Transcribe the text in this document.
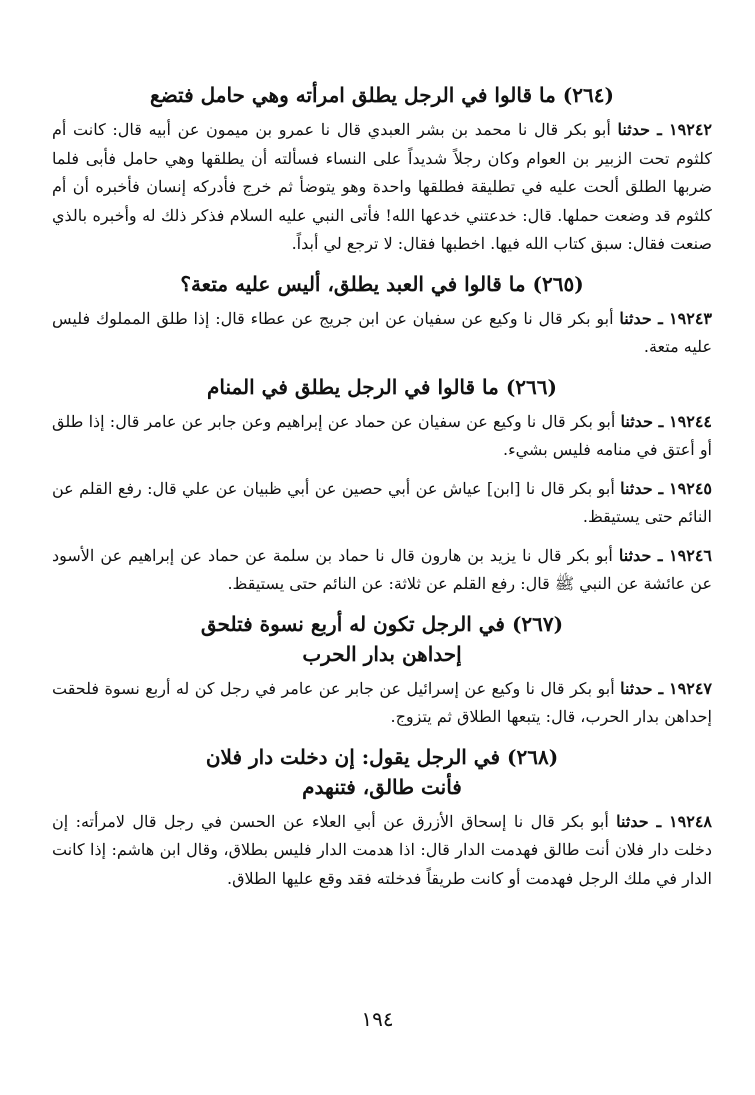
(٢٦٤) ما قالوا في الرجل يطلق امرأته وهي حامل فتضع

١٩٢٤٢ ـ حدثنا أبو بكر قال نا محمد بن بشر العبدي قال نا عمرو بن ميمون عن أبيه قال: كانت أم كلثوم تحت الزبير بن العوام وكان رجلاً شديداً على النساء فسألته أن يطلقها وهي حامل فأبى فلما ضربها الطلق ألحت عليه في تطليقة فطلقها واحدة وهو يتوضأ ثم خرج فأدركه إنسان فأخبره أن أم كلثوم قد وضعت حملها. قال: خدعتني خدعها الله! فأتى النبي عليه السلام فذكر ذلك له وأخبره بالذي صنعت فقال: سبق كتاب الله فيها. اخطبها فقال: لا ترجع لي أبداً.

(٢٦٥) ما قالوا في العبد يطلق، أليس عليه متعة؟

١٩٢٤٣ ـ حدثنا أبو بكر قال نا وكيع عن سفيان عن ابن جريج عن عطاء قال: إذا طلق المملوك فليس عليه متعة.

(٢٦٦) ما قالوا في الرجل يطلق في المنام

١٩٢٤٤ ـ حدثنا أبو بكر قال نا وكيع عن سفيان عن حماد عن إبراهيم وعن جابر عن عامر قال: إذا طلق أو أعتق في منامه فليس بشيء.

١٩٢٤٥ ـ حدثنا أبو بكر قال نا [ابن] عياش عن أبي حصين عن أبي ظبيان عن علي قال: رفع القلم عن النائم حتى يستيقظ.

١٩٢٤٦ ـ حدثنا أبو بكر قال نا يزيد بن هارون قال نا حماد بن سلمة عن حماد عن إبراهيم عن الأسود عن عائشة عن النبي ﷺ قال: رفع القلم عن ثلاثة: عن النائم حتى يستيقظ.

(٢٦٧) في الرجل تكون له أربع نسوة فتلحق
إحداهن بدار الحرب

١٩٢٤٧ ـ حدثنا أبو بكر قال نا وكيع عن إسرائيل عن جابر عن عامر في رجل كن له أربع نسوة فلحقت إحداهن بدار الحرب، قال: يتبعها الطلاق ثم يتزوج.

(٢٦٨) في الرجل يقول: إن دخلت دار فلان
فأنت طالق، فتنهدم

١٩٢٤٨ ـ حدثنا أبو بكر قال نا إسحاق الأزرق عن أبي العلاء عن الحسن في رجل قال لامرأته: إن دخلت دار فلان أنت طالق فهدمت الدار قال: اذا هدمت الدار فليس بطلاق، وقال ابن هاشم: إذا كانت الدار في ملك الرجل فهدمت أو كانت طريقاً فدخلته فقد وقع عليها الطلاق.

١٩٤
